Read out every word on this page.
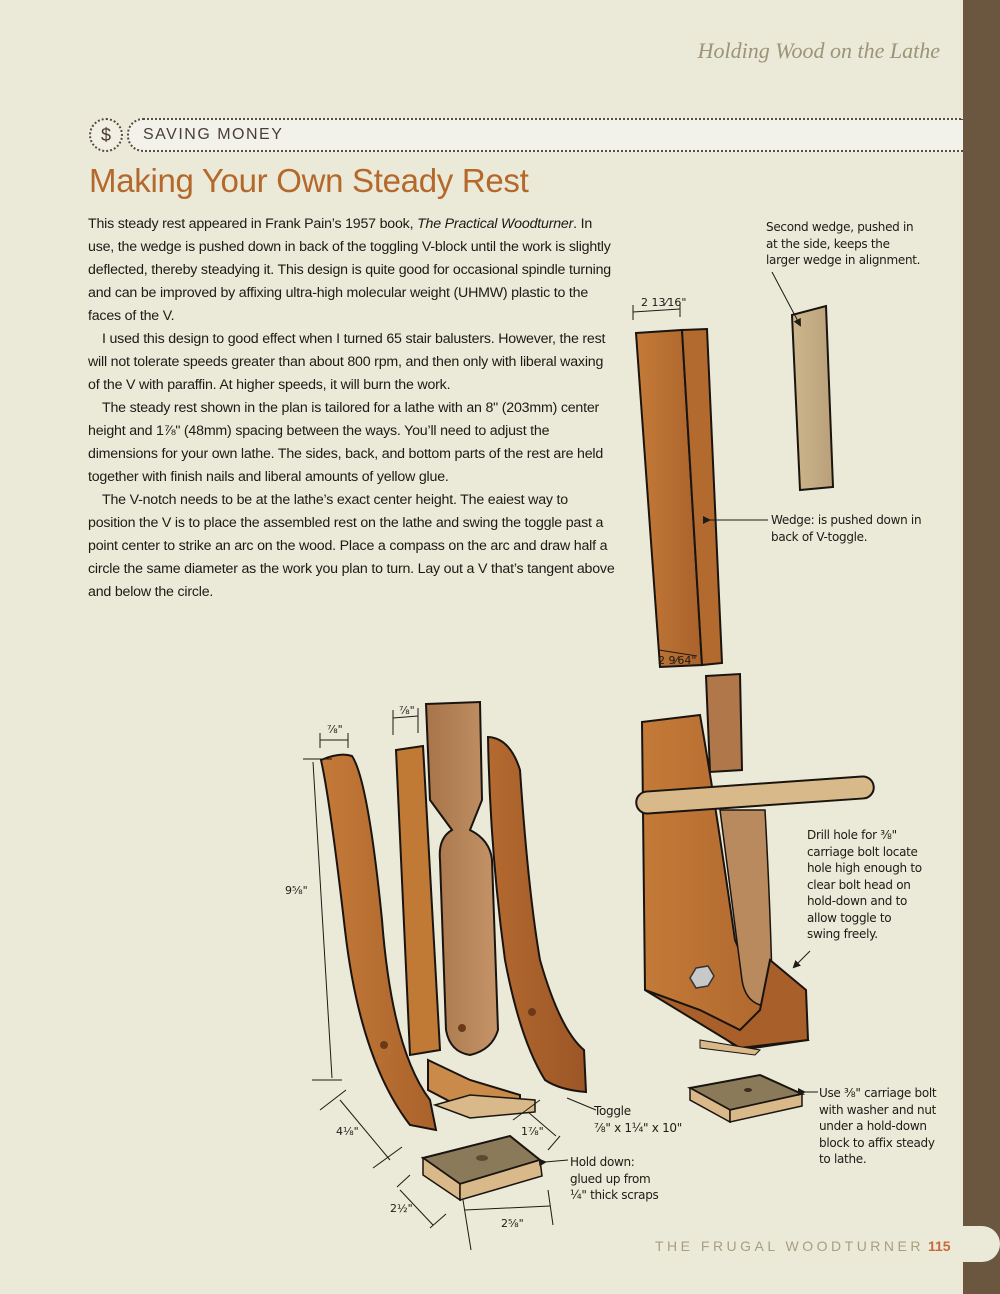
Holding Wood on the Lathe
$	SAVING MONEY
Making Your Own Steady Rest

This steady rest appeared in Frank Pain’s 1957 book, The Practical Woodturner. In use, the wedge is pushed down in back of the toggling V-block until the work is slightly deflected, thereby steadying it. This design is quite good for occasional spindle turning and can be improved by affixing ultra-high molecular weight (UHMW) plastic to the faces of the V.

I used this design to good effect when I turned 65 stair balusters. However, the rest will not tolerate speeds greater than about 800 rpm, and then only with liberal waxing of the V with paraffin. At higher speeds, it will burn the work.

The steady rest shown in the plan is tailored for a lathe with an 8" (203mm) center height and 1⅞" (48mm) spacing between the ways. You’ll need to adjust the dimensions for your own lathe. The sides, back, and bottom parts of the rest are held together with finish nails and liberal amounts of yellow glue.

The V-notch needs to be at the lathe’s exact center height. The eaiest way to position the V is to place the assembled rest on the lathe and swing the toggle past a point center to strike an arc on the wood. Place a compass on the arc and draw half a circle the same diameter as the work you plan to turn. Lay out a V that’s tangent above and below the circle.

Second wedge, pushed in at the side, keeps the larger wedge in alignment.
Wedge: is pushed down in back of V-toggle.
Drill hole for ⅜" carriage bolt locate hole high enough to clear bolt head on hold-down and to allow toggle to swing freely.
Use ⅜" carriage bolt with washer and nut under a hold-down block to affix steady to lathe.
Toggle
⅞" x 1¼" x 10"
Hold down: glued up from ¼" thick scraps
2 13⁄16"
2 9⁄64"
⅞"
⅞"
9⅝"
4⅛"	1⅞"
2½"
2⅝"
THE FRUGAL WOODTURNER 115
